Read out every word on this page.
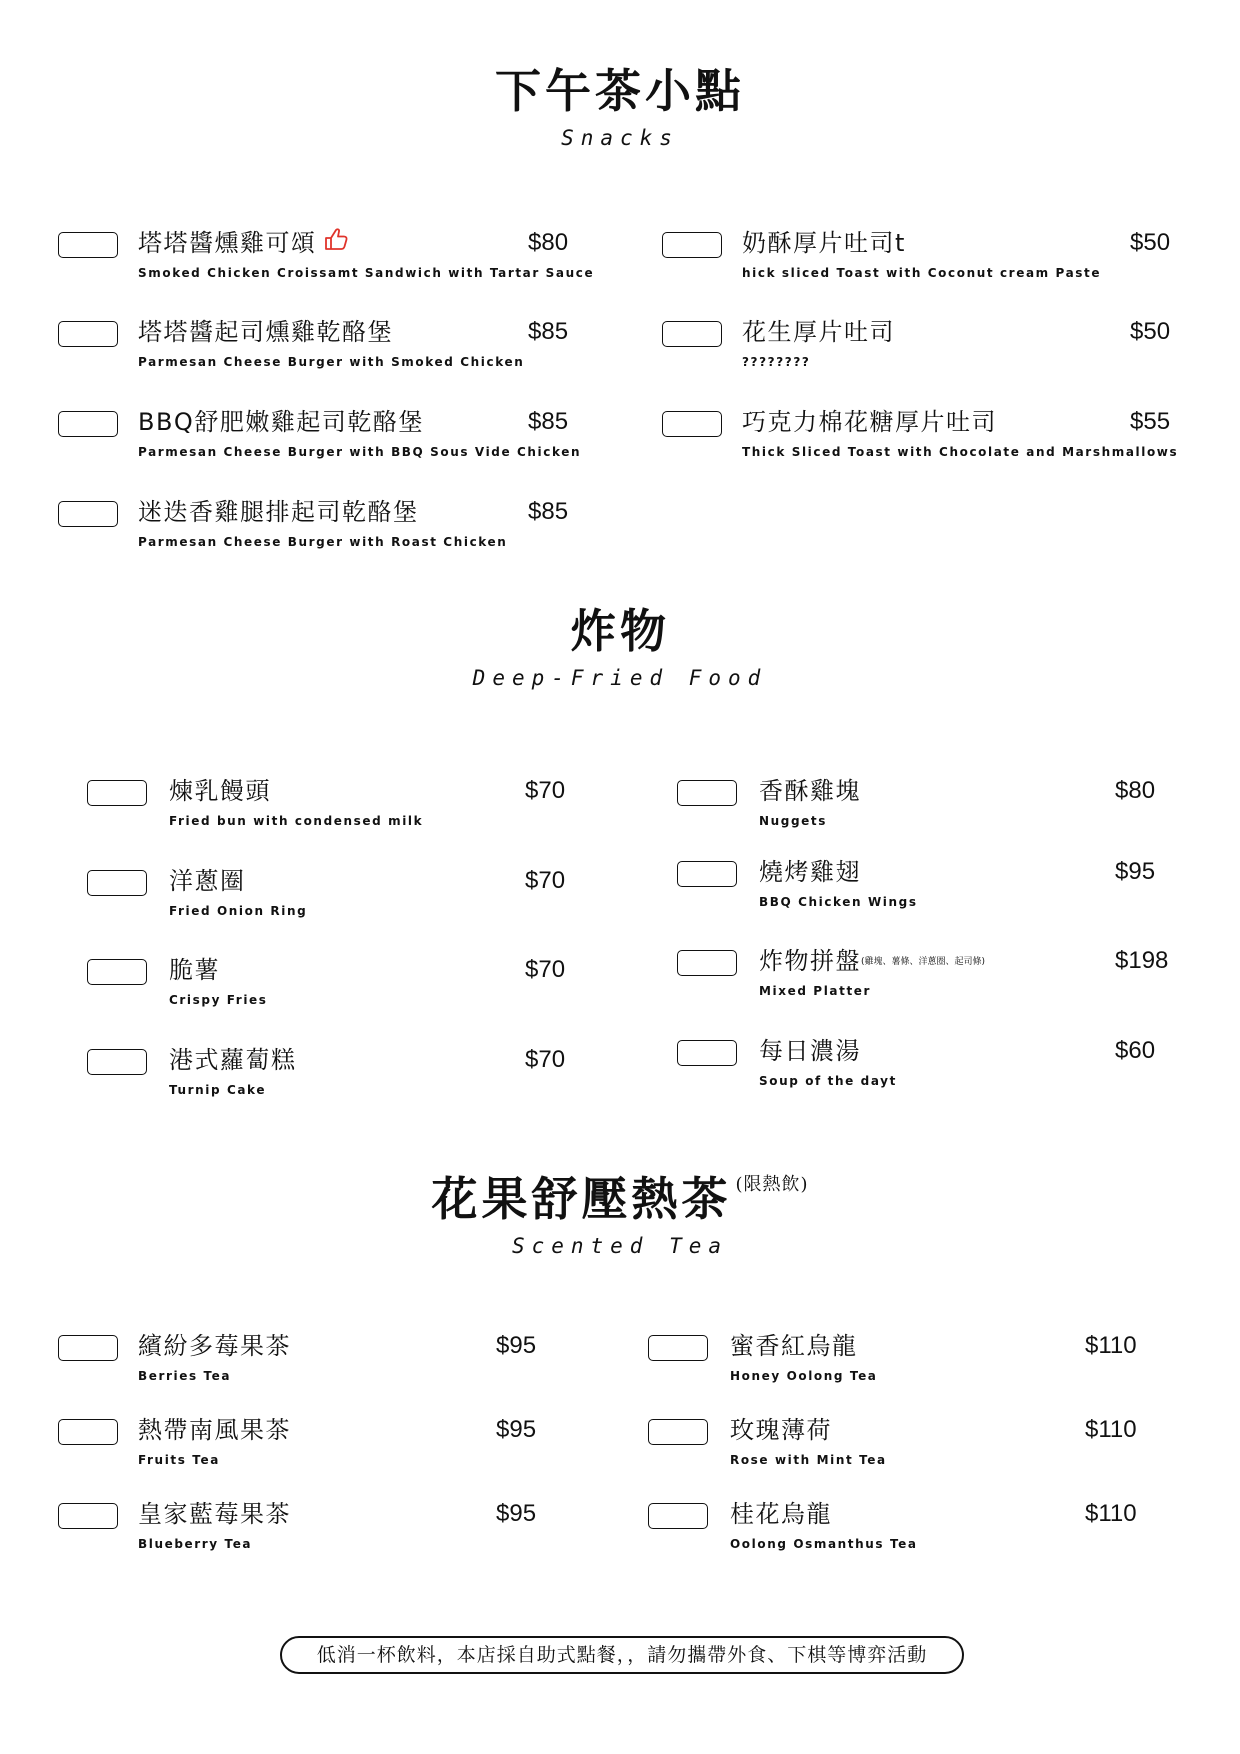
下午茶小點
Snacks
塔塔醬燻雞可頌	$80
Smoked Chicken Croissamt Sandwich with Tartar Sauce
塔塔醬起司燻雞乾酪堡	$85
Parmesan Cheese Burger with Smoked Chicken
BBQ舒肥嫩雞起司乾酪堡	$85
Parmesan Cheese Burger with BBQ Sous Vide Chicken
迷迭香雞腿排起司乾酪堡	$85
Parmesan Cheese Burger with Roast Chicken
奶酥厚片吐司t	$50
hick sliced Toast with Coconut cream Paste
花生厚片吐司	$50
????????
巧克力棉花糖厚片吐司	$55
Thick Sliced Toast with Chocolate and Marshmallows
炸物
Deep-Fried Food
煉乳饅頭	$70
Fried bun with condensed milk
洋蔥圈	$70
Fried Onion Ring
脆薯	$70
Crispy Fries
港式蘿蔔糕	$70
Turnip Cake
香酥雞塊	$80
Nuggets
燒烤雞翅	$95
BBQ Chicken Wings
炸物拼盤(雞塊、薯條、洋蔥圈、起司條)	$198
Mixed Platter
每日濃湯	$60
Soup of the dayt
花果舒壓熱茶 $^{(限熱飲)}$
Scented Tea
繽紛多莓果茶	$95
Berries Tea
熱帶南風果茶	$95
Fruits Tea
皇家藍莓果茶	$95
Blueberry Tea
蜜香紅烏龍	$110
Honey Oolong Tea
玫瑰薄荷	$110
Rose with Mint Tea
桂花烏龍	$110
Oolong Osmanthus Tea
低消一杯飲料，本店採自助式點餐，，請勿攜帶外食、下棋等博弈活動
